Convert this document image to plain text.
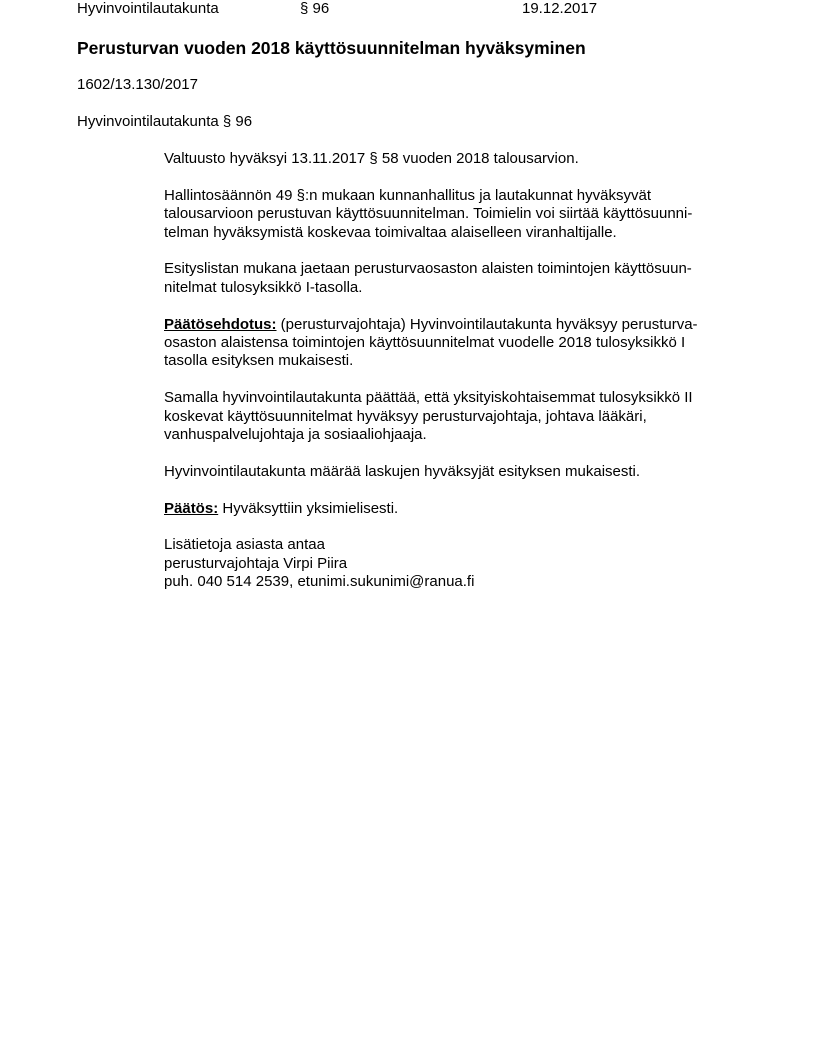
Hyvinvointilautakunta	§ 96	19.12.2017
Perusturvan vuoden 2018 käyttösuunnitelman hyväksyminen
1602/13.130/2017
Hyvinvointilautakunta § 96

Valtuusto hyväksyi 13.11.2017 § 58 vuoden 2018 talousarvion.

Hallintosäännön 49 §:n mukaan kunnanhallitus ja lautakunnat hyväksyvät
talousarvioon perustuvan käyttösuunnitelman. Toimielin voi siirtää käyttösuunni-
telman hyväksymistä koskevaa toimivaltaa alaiselleen viranhaltijalle.

Esityslistan mukana jaetaan perusturvaosaston alaisten toimintojen käyttösuun-
nitelmat tulosyksikkö I-tasolla.

Päätösehdotus: (perusturvajohtaja) Hyvinvointilautakunta hyväksyy perusturva-
osaston alaistensa toimintojen käyttösuunnitelmat vuodelle 2018 tulosyksikkö I
tasolla esityksen mukaisesti.

Samalla hyvinvointilautakunta päättää, että yksityiskohtaisemmat tulosyksikkö II
koskevat käyttösuunnitelmat hyväksyy perusturvajohtaja, johtava lääkäri,
vanhuspalvelujohtaja ja sosiaaliohjaaja.

Hyvinvointilautakunta määrää laskujen hyväksyjät esityksen mukaisesti.

Päätös: Hyväksyttiin yksimielisesti.

Lisätietoja asiasta antaa
perusturvajohtaja Virpi Piira
puh. 040 514 2539, etunimi.sukunimi@ranua.fi
